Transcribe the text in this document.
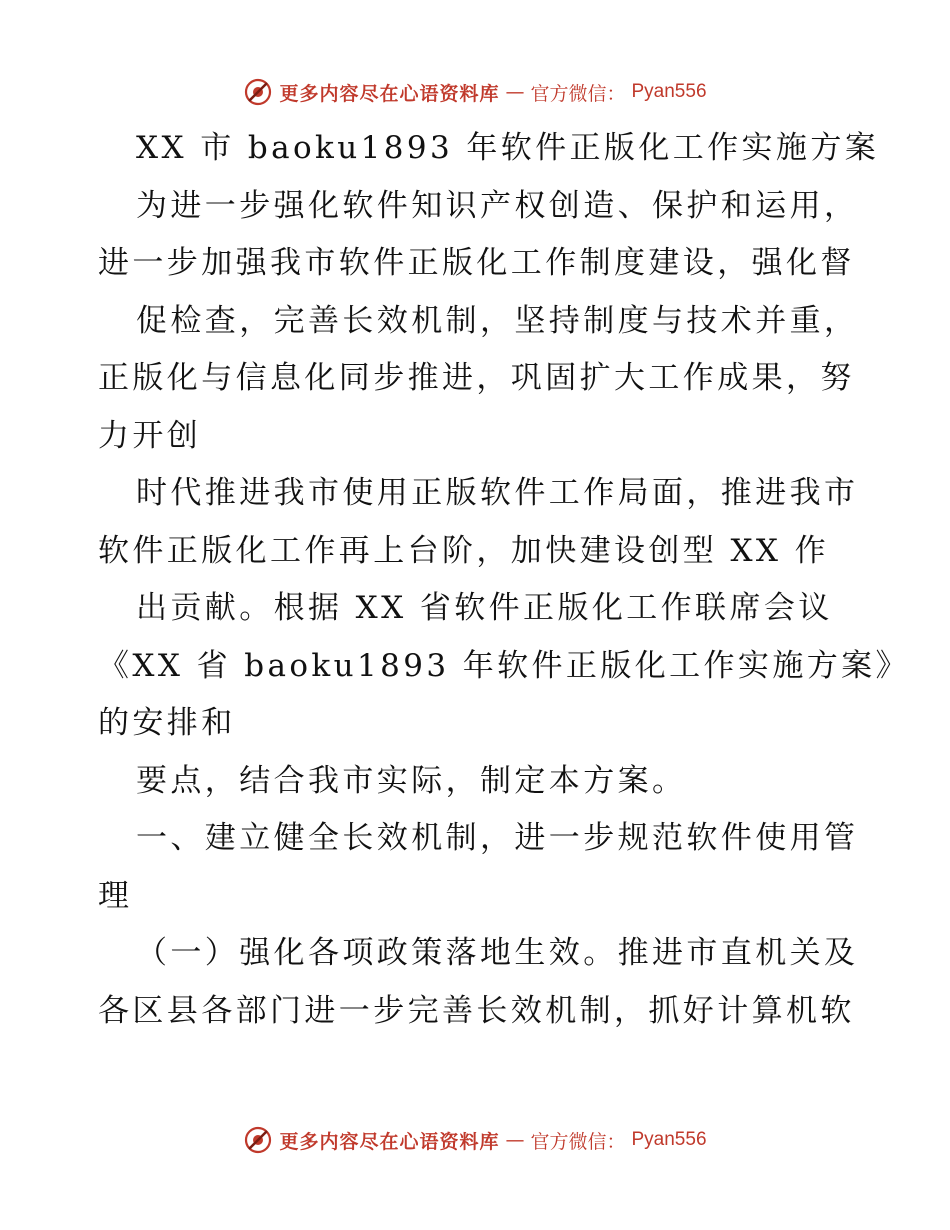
更多内容尽在心语资料库 — 官方微信： Pyan556
XX 市 baoku1893 年软件正版化工作实施方案
为进一步强化软件知识产权创造、保护和运用，
进一步加强我市软件正版化工作制度建设，强化督
促检查，完善长效机制，坚持制度与技术并重，
正版化与信息化同步推进，巩固扩大工作成果，努
力开创
时代推进我市使用正版软件工作局面，推进我市
软件正版化工作再上台阶，加快建设创型 XX 作
出贡献。根据 XX 省软件正版化工作联席会议
《XX 省 baoku1893 年软件正版化工作实施方案》
的安排和
要点，结合我市实际，制定本方案。
一、建立健全长效机制，进一步规范软件使用管
理
（一）强化各项政策落地生效。推进市直机关及
各区县各部门进一步完善长效机制，抓好计算机软
更多内容尽在心语资料库 — 官方微信： Pyan556
